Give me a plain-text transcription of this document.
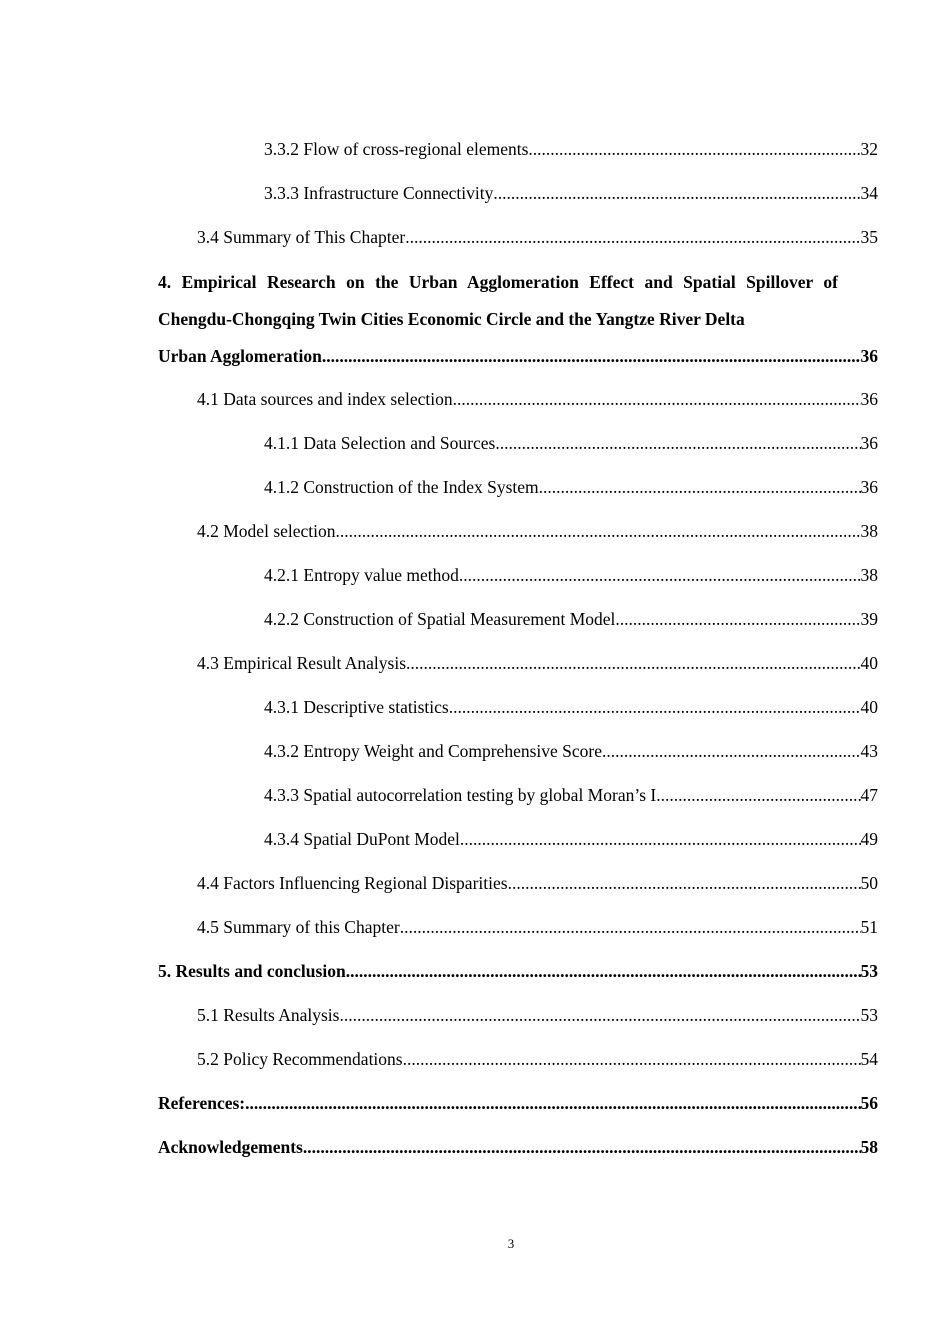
3.3.2 Flow of cross-regional elements .....	32
3.3.3 Infrastructure Connectivity .....	34
3.4 Summary of This Chapter .....	35
4. Empirical Research on the Urban Agglomeration Effect and Spatial Spillover of Chengdu-Chongqing Twin Cities Economic Circle and the Yangtze River Delta
Urban Agglomeration .....	36
4.1 Data sources and index selection .....	36
4.1.1 Data Selection and Sources .....	36
4.1.2 Construction of the Index System .....	36
4.2 Model selection .....	38
4.2.1 Entropy value method .....	38
4.2.2 Construction of Spatial Measurement Model .....	39
4.3 Empirical Result Analysis .....	40
4.3.1 Descriptive statistics .....	40
4.3.2 Entropy Weight and Comprehensive Score .....	43
4.3.3 Spatial autocorrelation testing by global Moran’s I .....	47
4.3.4 Spatial DuPont Model .....	49
4.4 Factors Influencing Regional Disparities .....	50
4.5 Summary of this Chapter .....	51
5. Results and conclusion .....	53
5.1 Results Analysis .....	53
5.2 Policy Recommendations .....	54
References: .....	56
Acknowledgements .....	58
3
